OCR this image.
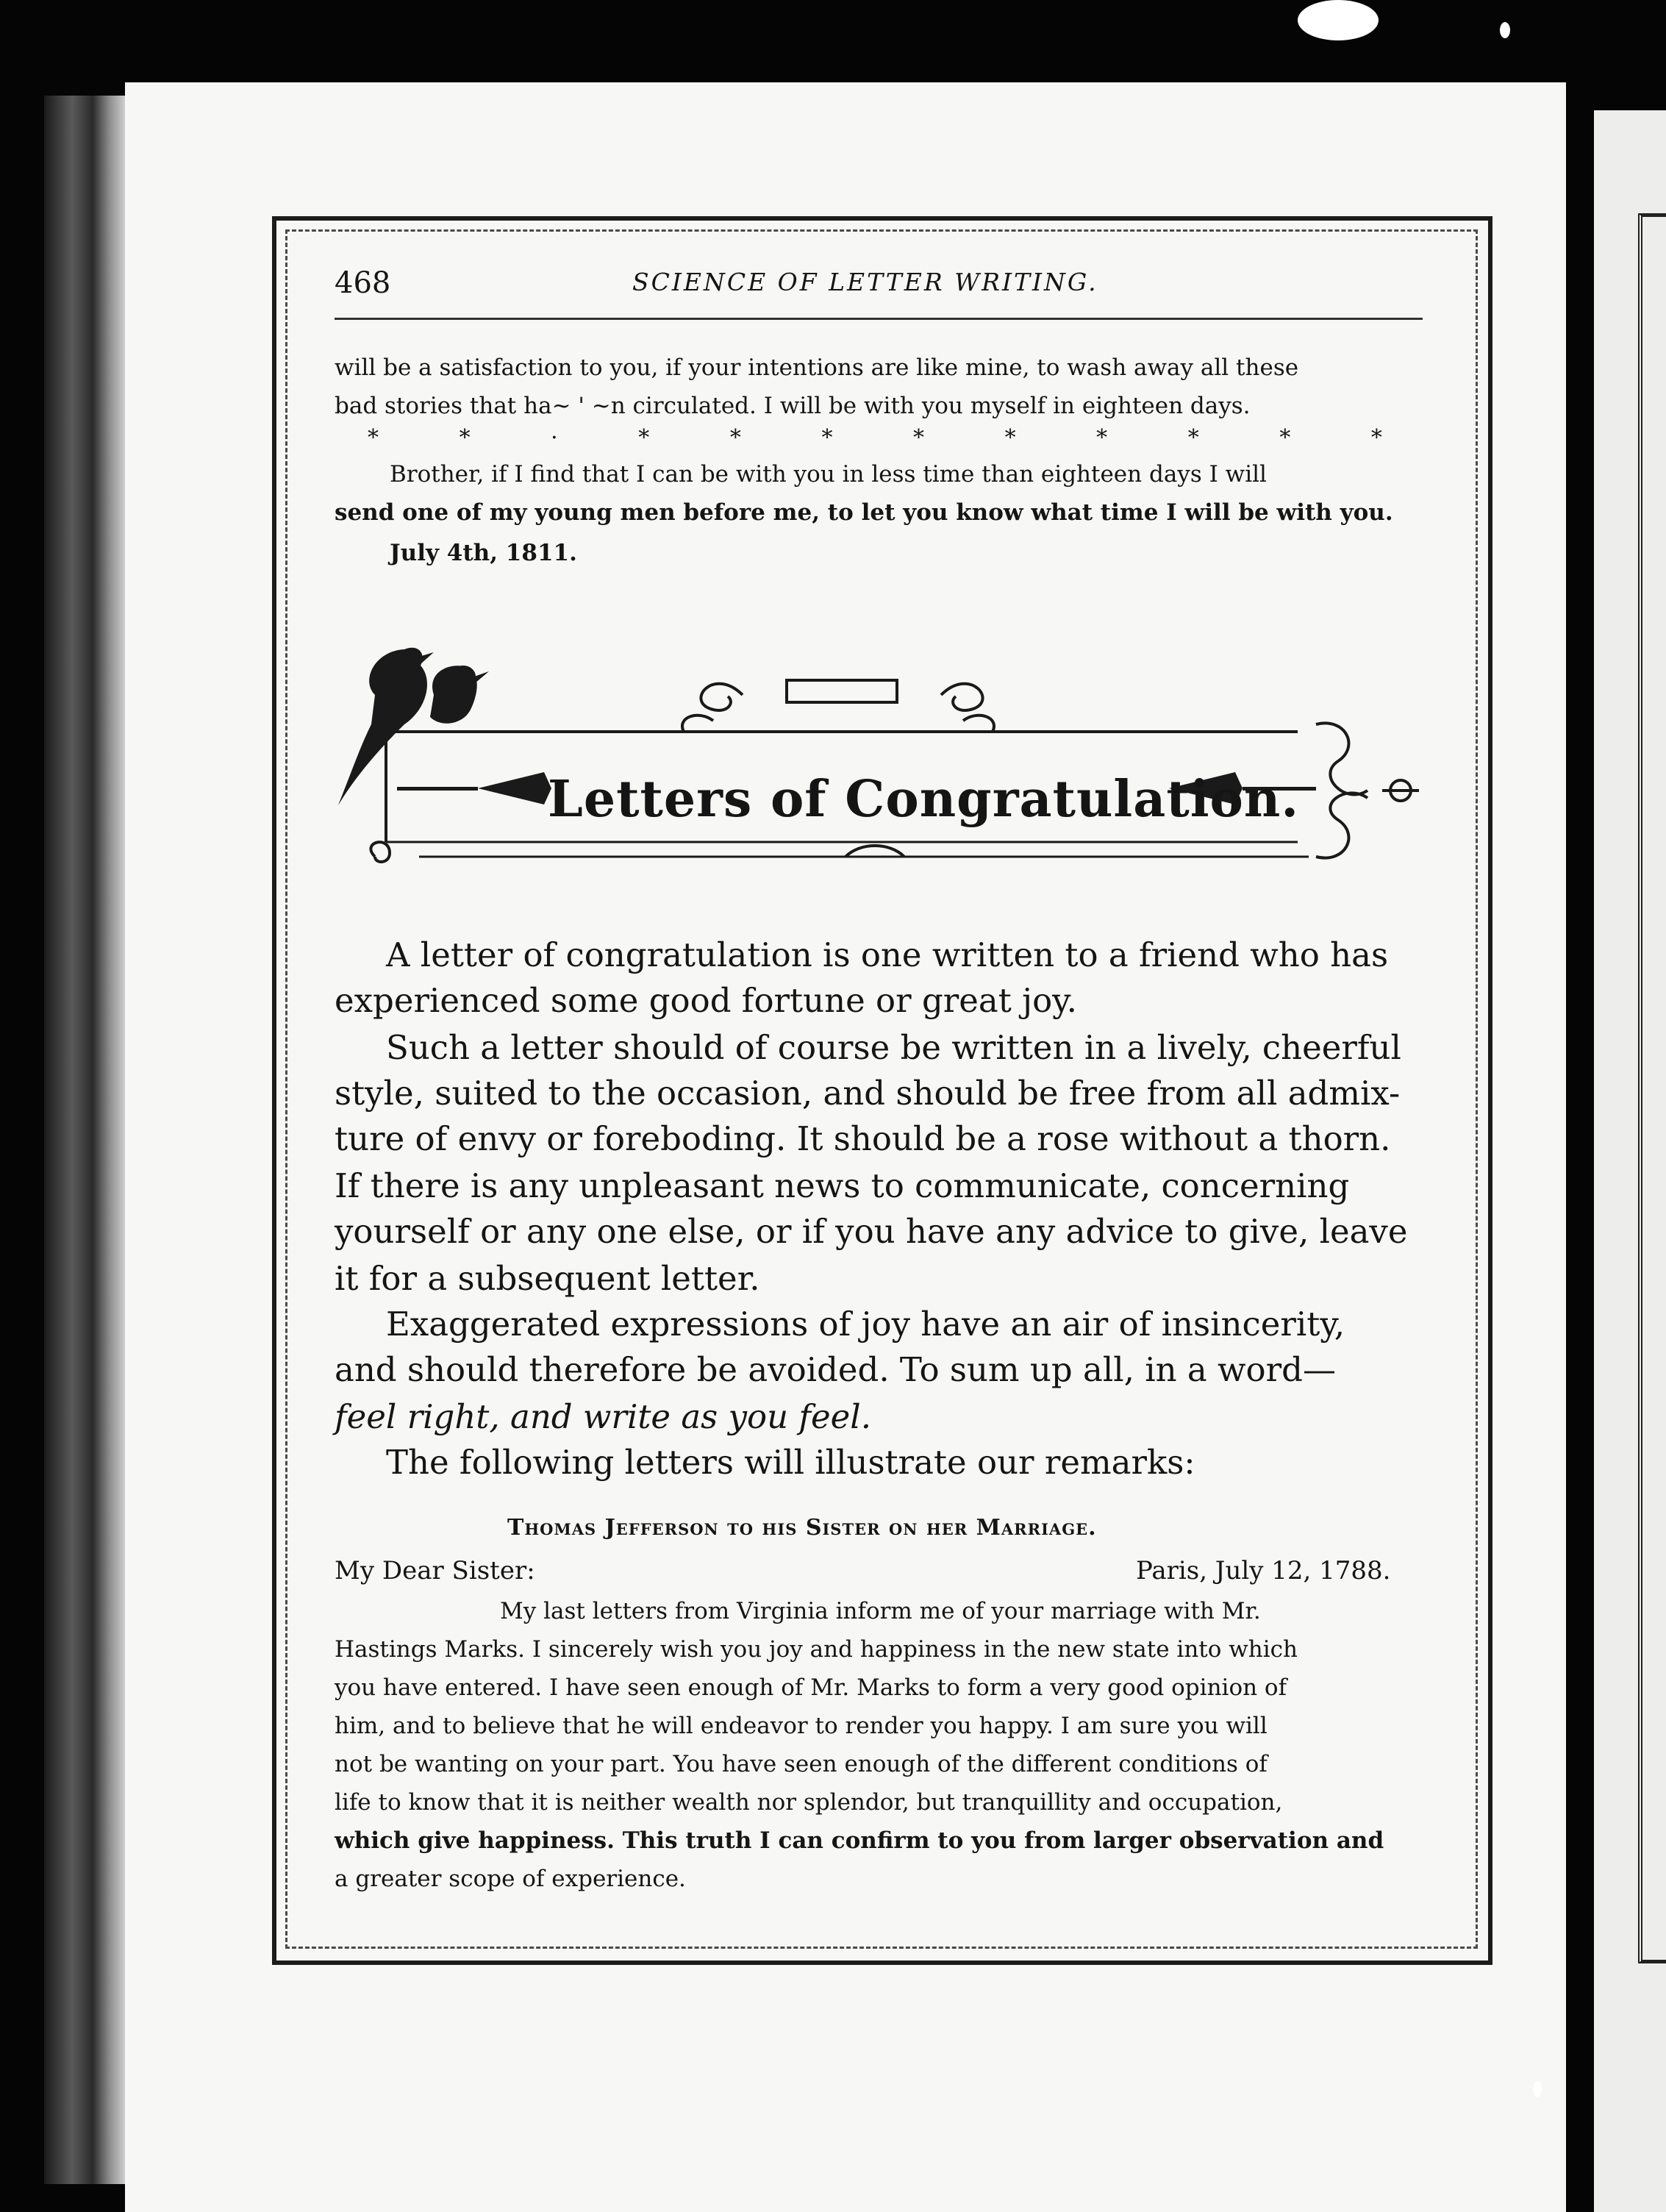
468	SCIENCE OF LETTER WRITING.
will be a satisfaction to you, if your intentions are like mine, to wash away all these
bad stories that ha~ ' ~n circulated. I will be with you myself in eighteen days.
*	*	·	*	*	*	*	*	*	*	*	*
Brother, if I find that I can be with you in less time than eighteen days I will
send one of my young men before me, to let you know what time I will be with you.
July 4th, 1811.
Letters of Congratulation.
A letter of congratulation is one written to a friend who has
experienced some good fortune or great joy.
Such a letter should of course be written in a lively, cheerful
style, suited to the occasion, and should be free from all admix-
ture of envy or foreboding. It should be a rose without a thorn.
If there is any unpleasant news to communicate, concerning
yourself or any one else, or if you have any advice to give, leave
it for a subsequent letter.
Exaggerated expressions of joy have an air of insincerity,
and should therefore be avoided. To sum up all, in a word—
feel right, and write as you feel.
The following letters will illustrate our remarks:
Thomas Jefferson to his Sister on her Marriage.
My Dear Sister:	Paris, July 12, 1788.
My last letters from Virginia inform me of your marriage with Mr.
Hastings Marks. I sincerely wish you joy and happiness in the new state into which
you have entered. I have seen enough of Mr. Marks to form a very good opinion of
him, and to believe that he will endeavor to render you happy. I am sure you will
not be wanting on your part. You have seen enough of the different conditions of
life to know that it is neither wealth nor splendor, but tranquillity and occupation,
which give happiness. This truth I can confirm to you from larger observation and
a greater scope of experience.
